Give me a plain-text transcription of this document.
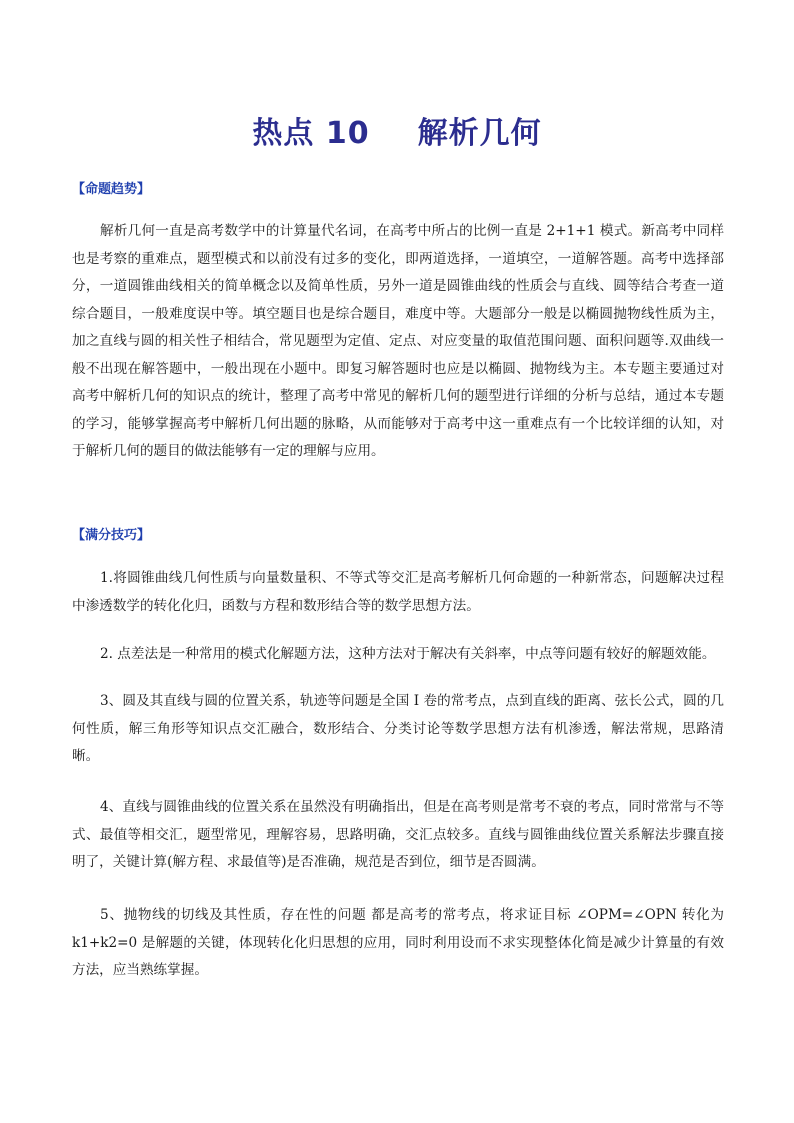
热点 10 解析几何
【命题趋势】
解析几何一直是高考数学中的计算量代名词，在高考中所占的比例一直是 2+1+1 模式。新高考中同样也是考察的重难点，题型模式和以前没有过多的变化，即两道选择，一道填空，一道解答题。高考中选择部分，一道圆锥曲线相关的简单概念以及简单性质，另外一道是圆锥曲线的性质会与直线、圆等结合考查一道综合题目，一般难度误中等。填空题目也是综合题目，难度中等。大题部分一般是以椭圆抛物线性质为主，加之直线与圆的相关性子相结合，常见题型为定值、定点、对应变量的取值范围问题、面积问题等.双曲线一般不出现在解答题中，一般出现在小题中。即复习解答题时也应是以椭圆、抛物线为主。本专题主要通过对高考中解析几何的知识点的统计，整理了高考中常见的解析几何的题型进行详细的分析与总结，通过本专题的学习，能够掌握高考中解析几何出题的脉略，从而能够对于高考中这一重难点有一个比较详细的认知，对于解析几何的题目的做法能够有一定的理解与应用。
【满分技巧】
1.将圆锥曲线几何性质与向量数量积、不等式等交汇是高考解析几何命题的一种新常态，问题解决过程中渗透数学的转化化归，函数与方程和数形结合等的数学思想方法。
2. 点差法是一种常用的模式化解题方法，这种方法对于解决有关斜率，中点等问题有较好的解题效能。
3、圆及其直线与圆的位置关系，轨迹等问题是全国 I 卷的常考点，点到直线的距离、弦长公式，圆的几何性质，解三角形等知识点交汇融合，数形结合、分类讨论等数学思想方法有机渗透，解法常规，思路清晰。
4、直线与圆锥曲线的位置关系在虽然没有明确指出，但是在高考则是常考不衰的考点，同时常常与不等式、最值等相交汇，题型常见，理解容易，思路明确，交汇点较多。直线与圆锥曲线位置关系解法步骤直接明了，关键计算(解方程、求最值等)是否准确，规范是否到位，细节是否圆满。
5、抛物线的切线及其性质，存在性的问题 都是高考的常考点，将求证目标 ∠OPM=∠OPN 转化为 k1+k2=0 是解题的关键，体现转化化归思想的应用，同时利用设而不求实现整体化简是减少计算量的有效方法，应当熟练掌握。
